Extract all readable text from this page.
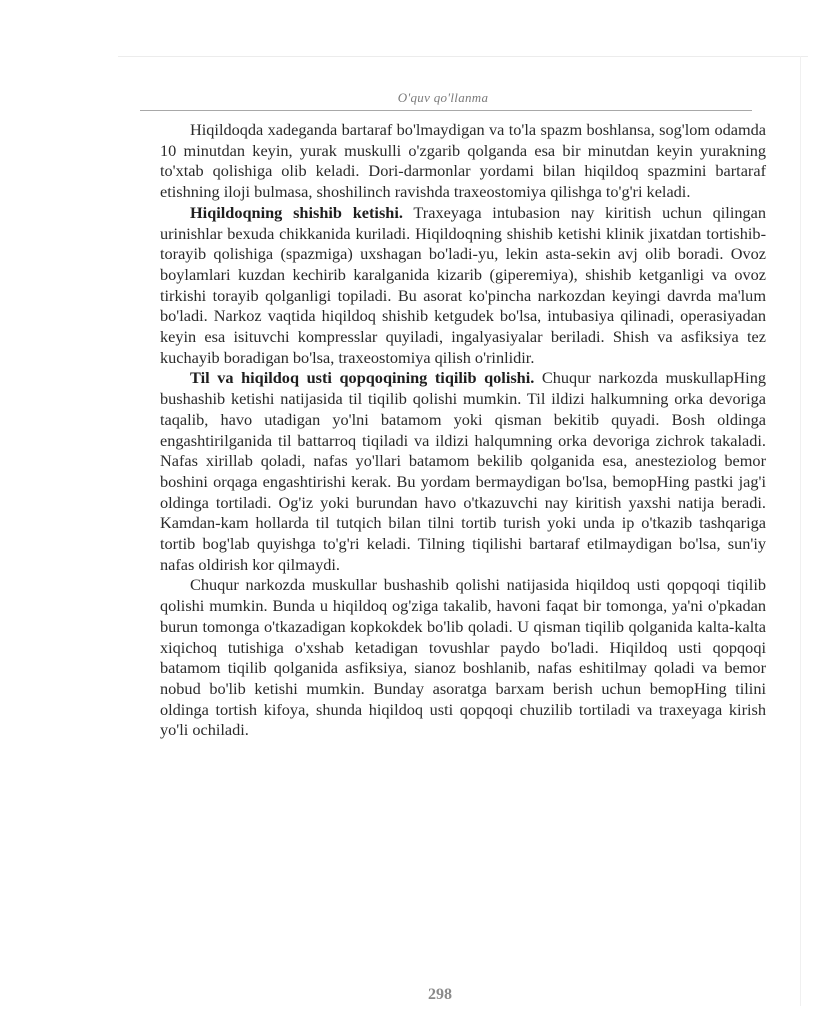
O'quv qo'llanma

Hiqildoqda xadeganda bartaraf bo'lmaydigan va to'la spazm boshlansa, sog'lom odamda 10 minutdan keyin, yurak muskulli o'zgarib qolganda esa bir minutdan keyin yurakning to'xtab qolishiga olib keladi. Dori-darmonlar yordami bilan hiqildoq spazmini bartaraf etishning iloji bulmasa, shoshilinch ravishda traxeostomiya qilishga to'g'ri keladi.

Hiqildoqning shishib ketishi. Traxeyaga intubasion nay kiritish uchun qilingan urinishlar bexuda chikkanida kuriladi. Hiqildoqning shishib ketishi klinik jixatdan tortishib-torayib qolishiga (spazmiga) uxshagan bo'ladi-yu, lekin asta-sekin avj olib boradi. Ovoz boylamlari kuzdan kechirib karalganida kizarib (giperemiya), shishib ketganligi va ovoz tirkishi torayib qolganligi topiladi. Bu asorat ko'pincha narkozdan keyingi davrda ma'lum bo'ladi. Narkoz vaqtida hiqildoq shishib ketgudek bo'lsa, intubasiya qilinadi, operasiyadan keyin esa isituvchi kompresslar quyiladi, ingalyasiyalar beriladi. Shish va asfiksiya tez kuchayib boradigan bo'lsa, traxeostomiya qilish o'rinlidir.

Til va hiqildoq usti qopqoqining tiqilib qolishi. Chuqur narkozda muskullapHing bushashib ketishi natijasida til tiqilib qolishi mumkin. Til ildizi halkumning orka devoriga taqalib, havo utadigan yo'lni batamom yoki qisman bekitib quyadi. Bosh oldinga engashtirilganida til battarroq tiqiladi va ildizi halqumning orka devoriga zichrok takaladi. Nafas xirillab qoladi, nafas yo'llari batamom bekilib qolganida esa, anesteziolog bemor boshini orqaga engashtirishi kerak. Bu yordam bermaydigan bo'lsa, bemopHing pastki jag'i oldinga tortiladi. Og'iz yoki burundan havo o'tkazuvchi nay kiritish yaxshi natija beradi. Kamdan-kam hollarda til tutqich bilan tilni tortib turish yoki unda ip o'tkazib tashqariga tortib bog'lab quyishga to'g'ri keladi. Tilning tiqilishi bartaraf etilmaydigan bo'lsa, sun'iy nafas oldirish kor qilmaydi.

Chuqur narkozda muskullar bushashib qolishi natijasida hiqildoq usti qopqoqi tiqilib qolishi mumkin. Bunda u hiqildoq og'ziga takalib, havoni faqat bir tomonga, ya'ni o'pkadan burun tomonga o'tkazadigan kopkokdek bo'lib qoladi. U qisman tiqilib qolganida kalta-kalta xiqichoq tutishiga o'xshab ketadigan tovushlar paydo bo'ladi. Hiqildoq usti qopqoqi batamom tiqilib qolganida asfiksiya, sianoz boshlanib, nafas eshitilmay qoladi va bemor nobud bo'lib ketishi mumkin. Bunday asoratga barxam berish uchun bemopHing tilini oldinga tortish kifoya, shunda hiqildoq usti qopqoqi chuzilib tortiladi va traxeyaga kirish yo'li ochiladi.

298
